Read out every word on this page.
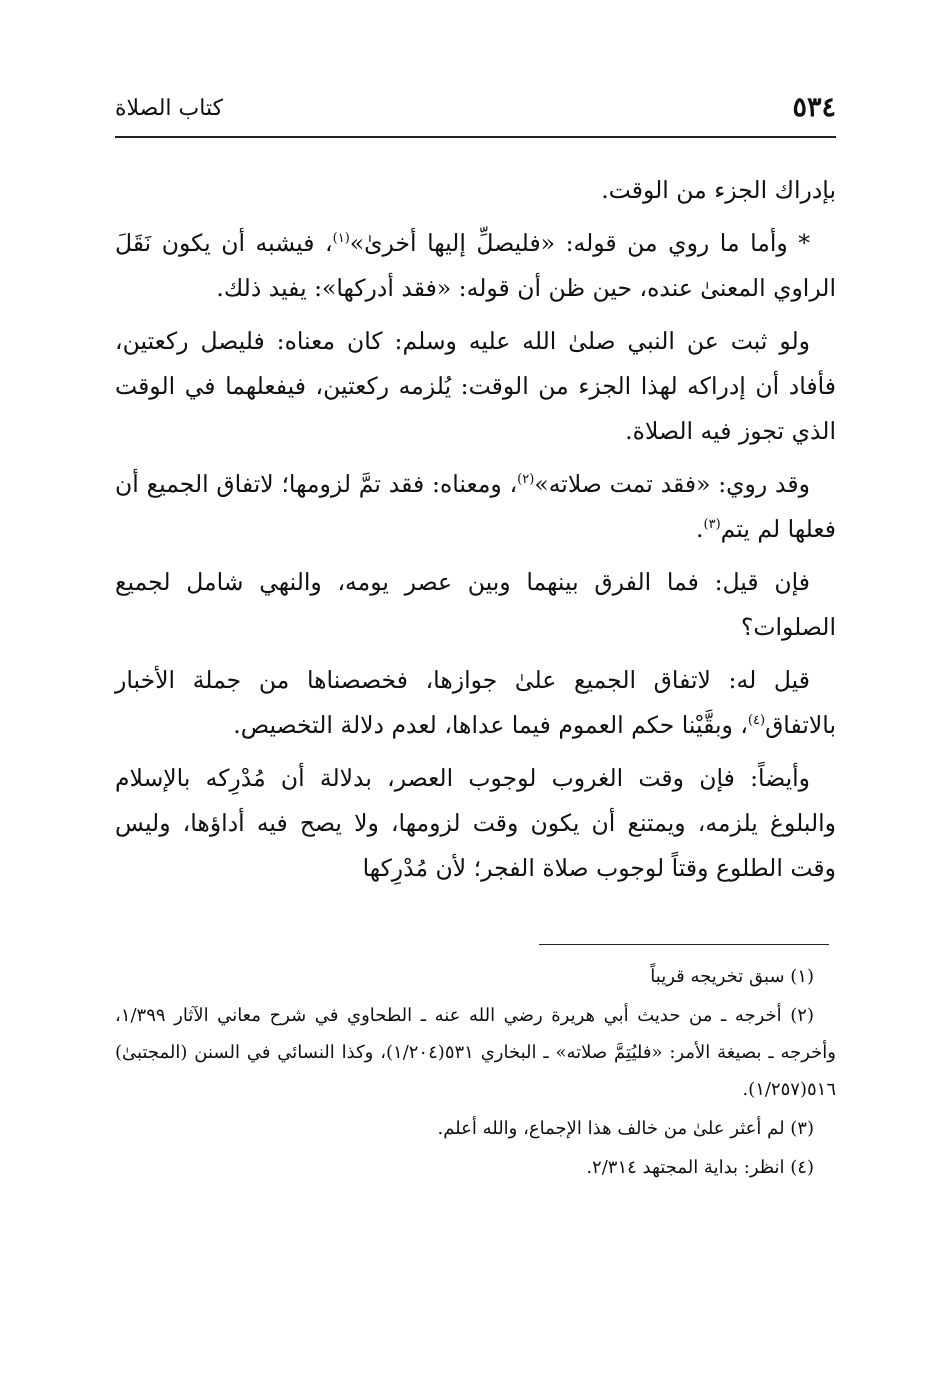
٥٣٤
كتاب الصلاة

بإدراك الجزء من الوقت.

* وأما ما روي من قوله: «فليصلِّ إليها أخرىٰ»$^{(١)}$، فيشبه أن يكون نَقَلَ الراوي المعنىٰ عنده، حين ظن أن قوله: «فقد أدركها»: يفيد ذلك.

ولو ثبت عن النبي صلىٰ الله عليه وسلم: كان معناه: فليصل ركعتين، فأفاد أن إدراكه لهذا الجزء من الوقت: يُلزمه ركعتين، فيفعلهما في الوقت الذي تجوز فيه الصلاة.

وقد روي: «فقد تمت صلاته»$^{(٢)}$، ومعناه: فقد تمَّ لزومها؛ لاتفاق الجميع أن فعلها لم يتم$^{(٣)}$.

فإن قيل: فما الفرق بينهما وبين عصر يومه، والنهي شامل لجميع الصلوات؟

قيل له: لاتفاق الجميع علىٰ جوازها، فخصصناها من جملة الأخبار بالاتفاق$^{(٤)}$، وبقَّيْنا حكم العموم فيما عداها، لعدم دلالة التخصيص.

وأيضاً: فإن وقت الغروب لوجوب العصر، بدلالة أن مُدْرِكه بالإسلام والبلوغ يلزمه، ويمتنع أن يكون وقت لزومها، ولا يصح فيه أداؤها، وليس وقت الطلوع وقتاً لوجوب صلاة الفجر؛ لأن مُدْرِكها

(١) سبق تخريجه قريباً

(٢) أخرجه ـ من حديث أبي هريرة رضي الله عنه ـ الطحاوي في شرح معاني الآثار ١/٣٩٩، وأخرجه ـ بصيغة الأمر: «فليُتِمَّ صلاته» ـ البخاري ٥٣١(١/٢٠٤)، وكذا النسائي في السنن (المجتبىٰ) ٥١٦(١/٢٥٧).

(٣) لم أعثر علىٰ من خالف هذا الإجماع، والله أعلم.

(٤) انظر: بداية المجتهد ٢/٣١٤.
